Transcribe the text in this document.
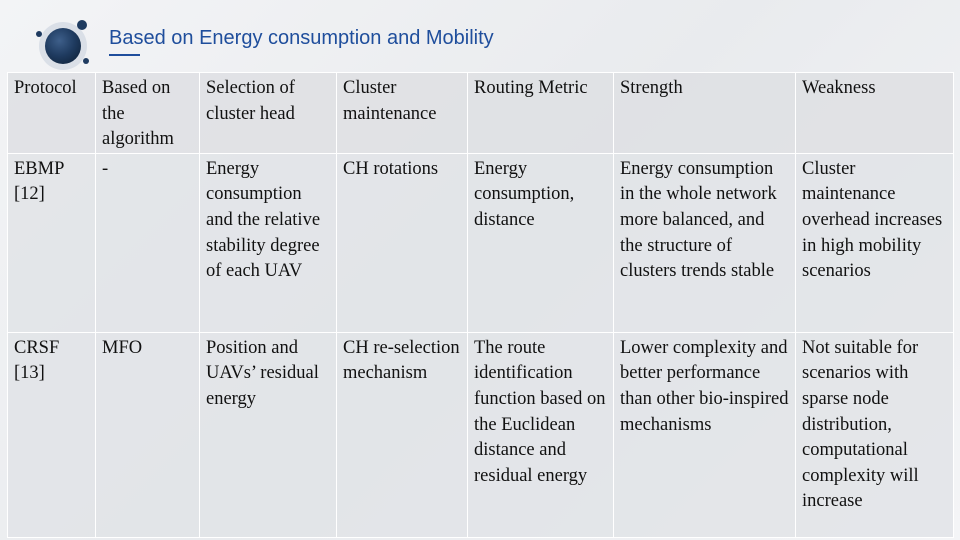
Based on Energy consumption and Mobility
Protocol	Based on the algorithm	Selection of cluster head	Cluster maintenance	Routing Metric	Strength	Weakness
EBMP [12]	-	Energy consumption and the relative stability degree of each UAV	CH rotations	Energy consumption, distance	Energy consumption in the whole network more balanced, and the structure of clusters trends stable	Cluster maintenance overhead increases in high mobility scenarios
CRSF [13]	MFO	Position and UAVs’ residual energy	CH re-selection mechanism	The route identification function based on the Euclidean distance and residual energy	Lower complexity and better performance than other bio-inspired mechanisms	Not suitable for scenarios with sparse node distribution, computational complexity will increase
